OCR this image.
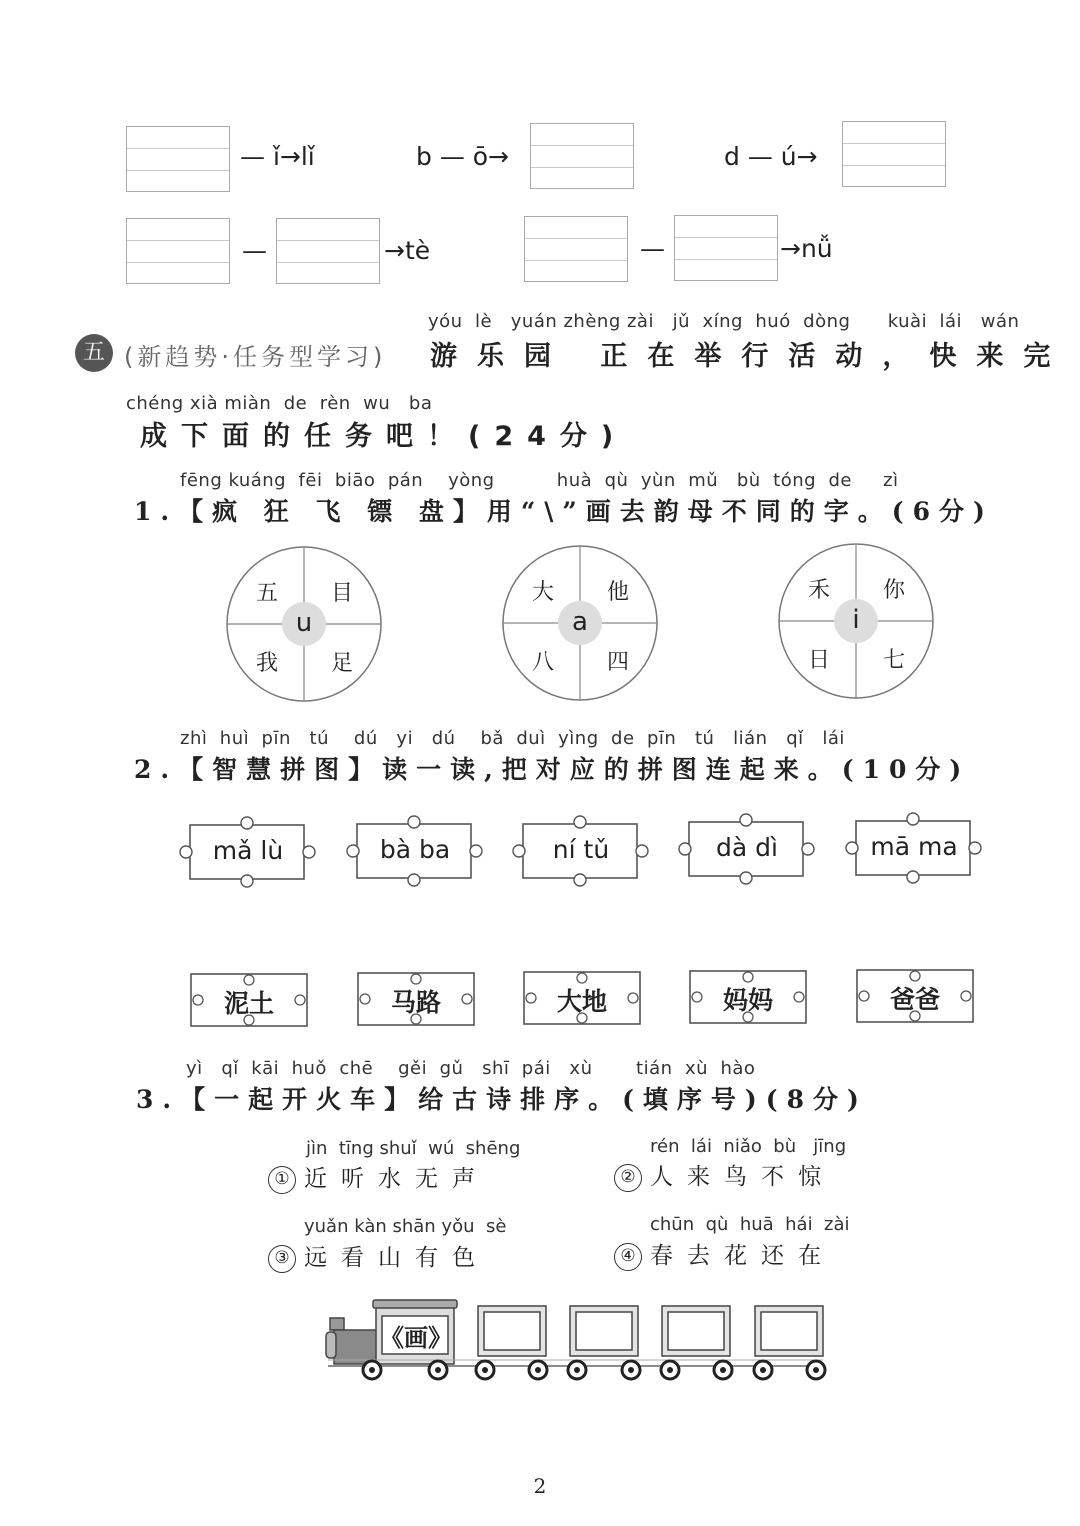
— ǐ→lǐ	b — ō→	d — ú→
—	→tè	—	→nǚ
五
yóu  lè   yuán zhèng zài   jǔ  xíng  huó  dòng      kuài  lái   wán
(新趋势·任务型学习) 游乐园 正在举行活动，快来完
chéng xià miàn  de  rèn  wu   ba
成下面的任务吧！(24分)
fēng kuáng  fēi  biāo  pán    yòng          huà  qù  yùn  mǔ   bù  tóng  de     zì
1.【疯 狂 飞 镖 盘】用“\”画去韵母不同的字。(6分)
u
五 目
我 足
a
大 他
八 四
i
禾 你
日 七
zhì  huì  pīn   tú    dú   yi   dú    bǎ  duì  yìng  de  pīn   tú   lián   qǐ   lái
2.【智慧拼图】读一读,把对应的拼图连起来。(10分)
mǎ lù	bà ba	ní tǔ	dà dì	mā ma
泥土	马路	大地	妈妈	爸爸
yì   qǐ  kāi  huǒ  chē    gěi  gǔ   shī  pái   xù       tián  xù  hào
3.【一起开火车】给古诗排序。(填序号)(8分)
jìn  tīng shuǐ  wú  shēng
① 近听水无声
rén  lái  niǎo  bù   jīng
② 人来鸟不惊
yuǎn kàn shān yǒu  sè
③ 远看山有色
chūn  qù  huā  hái  zài
④ 春去花还在
《画》
2
